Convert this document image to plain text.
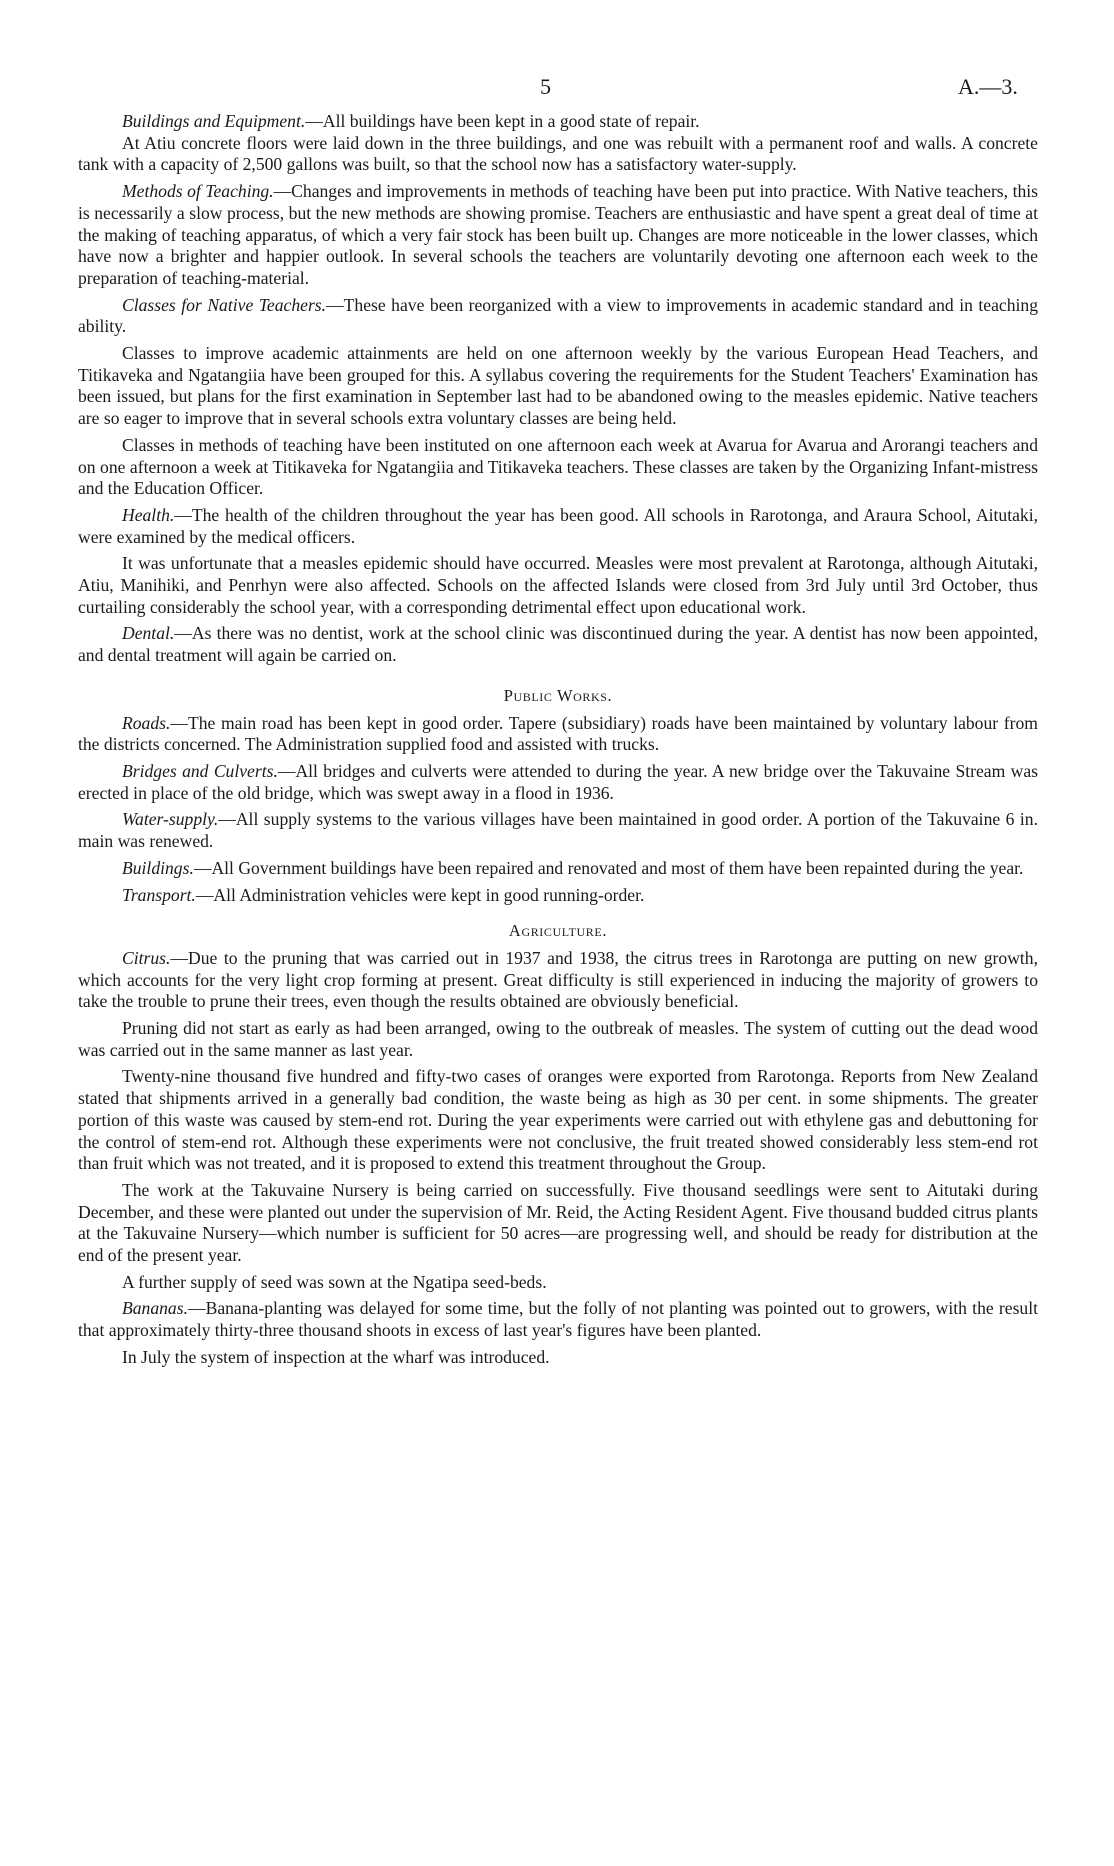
5	A.—3.

Buildings and Equipment.—All buildings have been kept in a good state of repair.

At Atiu concrete floors were laid down in the three buildings, and one was rebuilt with a permanent roof and walls. A concrete tank with a capacity of 2,500 gallons was built, so that the school now has a satisfactory water-supply.

Methods of Teaching.—Changes and improvements in methods of teaching have been put into practice. With Native teachers, this is necessarily a slow process, but the new methods are showing promise. Teachers are enthusiastic and have spent a great deal of time at the making of teaching apparatus, of which a very fair stock has been built up. Changes are more noticeable in the lower classes, which have now a brighter and happier outlook. In several schools the teachers are voluntarily devoting one afternoon each week to the preparation of teaching-material.

Classes for Native Teachers.—These have been reorganized with a view to improvements in academic standard and in teaching ability.

Classes to improve academic attainments are held on one afternoon weekly by the various European Head Teachers, and Titikaveka and Ngatangiia have been grouped for this. A syllabus covering the requirements for the Student Teachers' Examination has been issued, but plans for the first examination in September last had to be abandoned owing to the measles epidemic. Native teachers are so eager to improve that in several schools extra voluntary classes are being held.

Classes in methods of teaching have been instituted on one afternoon each week at Avarua for Avarua and Arorangi teachers and on one afternoon a week at Titikaveka for Ngatangiia and Titikaveka teachers. These classes are taken by the Organizing Infant-mistress and the Education Officer.

Health.—The health of the children throughout the year has been good. All schools in Rarotonga, and Araura School, Aitutaki, were examined by the medical officers.

It was unfortunate that a measles epidemic should have occurred. Measles were most prevalent at Rarotonga, although Aitutaki, Atiu, Manihiki, and Penrhyn were also affected. Schools on the affected Islands were closed from 3rd July until 3rd October, thus curtailing considerably the school year, with a corresponding detrimental effect upon educational work.

Dental.—As there was no dentist, work at the school clinic was discontinued during the year. A dentist has now been appointed, and dental treatment will again be carried on.

Public Works.

Roads.—The main road has been kept in good order. Tapere (subsidiary) roads have been maintained by voluntary labour from the districts concerned. The Administration supplied food and assisted with trucks.

Bridges and Culverts.—All bridges and culverts were attended to during the year. A new bridge over the Takuvaine Stream was erected in place of the old bridge, which was swept away in a flood in 1936.

Water-supply.—All supply systems to the various villages have been maintained in good order. A portion of the Takuvaine 6 in. main was renewed.

Buildings.—All Government buildings have been repaired and renovated and most of them have been repainted during the year.

Transport.—All Administration vehicles were kept in good running-order.

Agriculture.

Citrus.—Due to the pruning that was carried out in 1937 and 1938, the citrus trees in Rarotonga are putting on new growth, which accounts for the very light crop forming at present. Great difficulty is still experienced in inducing the majority of growers to take the trouble to prune their trees, even though the results obtained are obviously beneficial.

Pruning did not start as early as had been arranged, owing to the outbreak of measles. The system of cutting out the dead wood was carried out in the same manner as last year.

Twenty-nine thousand five hundred and fifty-two cases of oranges were exported from Rarotonga. Reports from New Zealand stated that shipments arrived in a generally bad condition, the waste being as high as 30 per cent. in some shipments. The greater portion of this waste was caused by stem-end rot. During the year experiments were carried out with ethylene gas and debuttoning for the control of stem-end rot. Although these experiments were not conclusive, the fruit treated showed considerably less stem-end rot than fruit which was not treated, and it is proposed to extend this treatment throughout the Group.

The work at the Takuvaine Nursery is being carried on successfully. Five thousand seedlings were sent to Aitutaki during December, and these were planted out under the supervision of Mr. Reid, the Acting Resident Agent. Five thousand budded citrus plants at the Takuvaine Nursery—which number is sufficient for 50 acres—are progressing well, and should be ready for distribution at the end of the present year.

A further supply of seed was sown at the Ngatipa seed-beds.

Bananas.—Banana-planting was delayed for some time, but the folly of not planting was pointed out to growers, with the result that approximately thirty-three thousand shoots in excess of last year's figures have been planted.

In July the system of inspection at the wharf was introduced.
